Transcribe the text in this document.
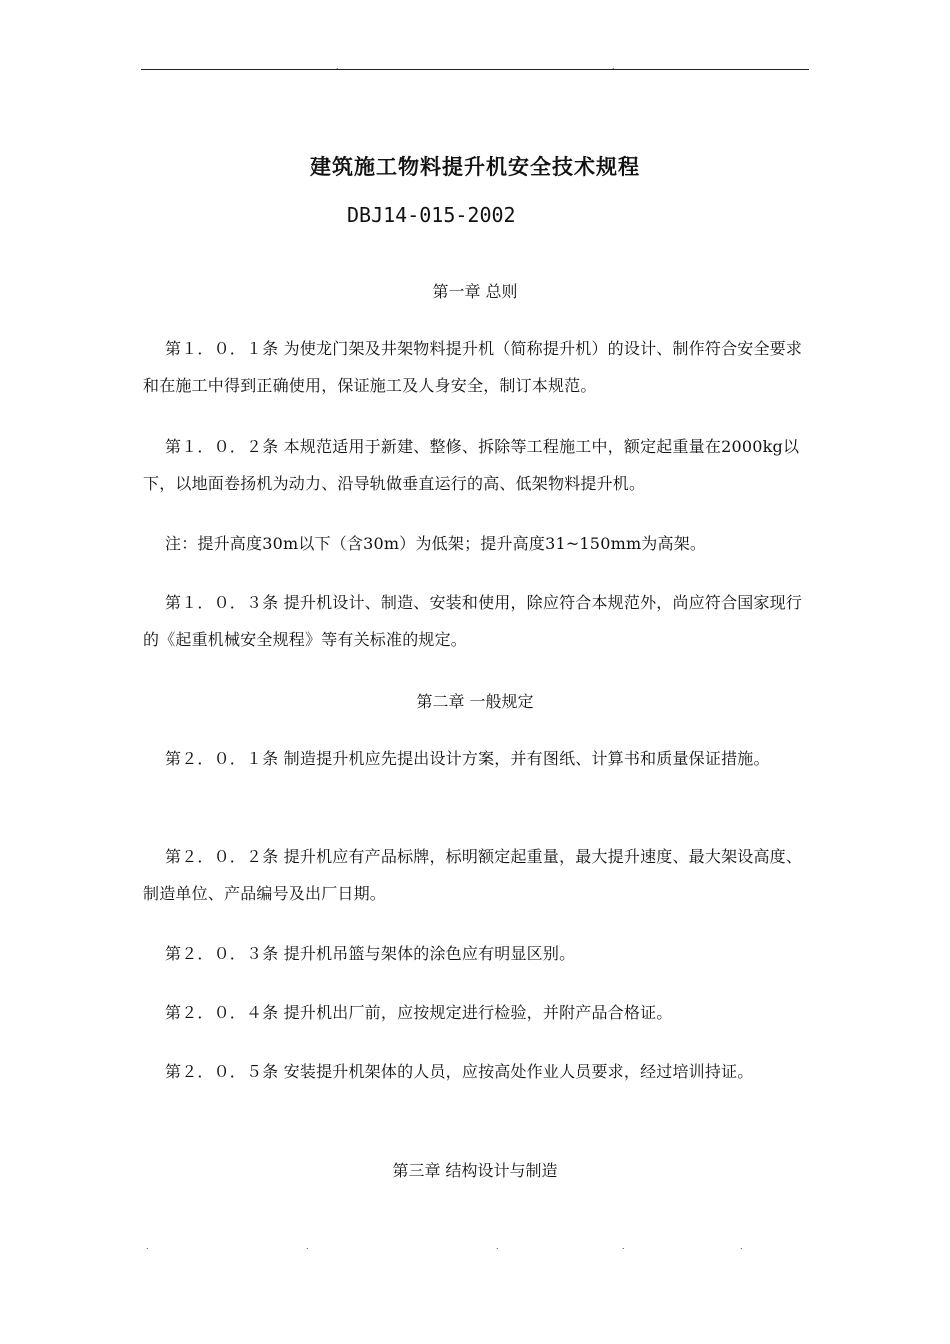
.	.
建筑施工物料提升机安全技术规程
DBJ14-015-2002
第一章 总则
第１．０．１条 为使龙门架及井架物料提升机（简称提升机）的设计、制作符合安全要求和在施工中得到正确使用，保证施工及人身安全，制订本规范。
第１．０．２条 本规范适用于新建、整修、拆除等工程施工中，额定起重量在2000kg以下，以地面卷扬机为动力、沿导轨做垂直运行的高、低架物料提升机。
注：提升高度30m以下（含30m）为低架；提升高度31~150mm为高架。
第１．０．３条 提升机设计、制造、安装和使用，除应符合本规范外，尚应符合国家现行的《起重机械安全规程》等有关标准的规定。
第二章 一般规定
第２．０．１条 制造提升机应先提出设计方案，并有图纸、计算书和质量保证措施。
第２．０．２条 提升机应有产品标牌，标明额定起重量，最大提升速度、最大架设高度、制造单位、产品编号及出厂日期。
第２．０．３条 提升机吊篮与架体的涂色应有明显区别。
第２．０．４条 提升机出厂前，应按规定进行检验，并附产品合格证。
第２．０．５条 安装提升机架体的人员，应按高处作业人员要求，经过培训持证。
第三章 结构设计与制造
.	.	.	.	.
